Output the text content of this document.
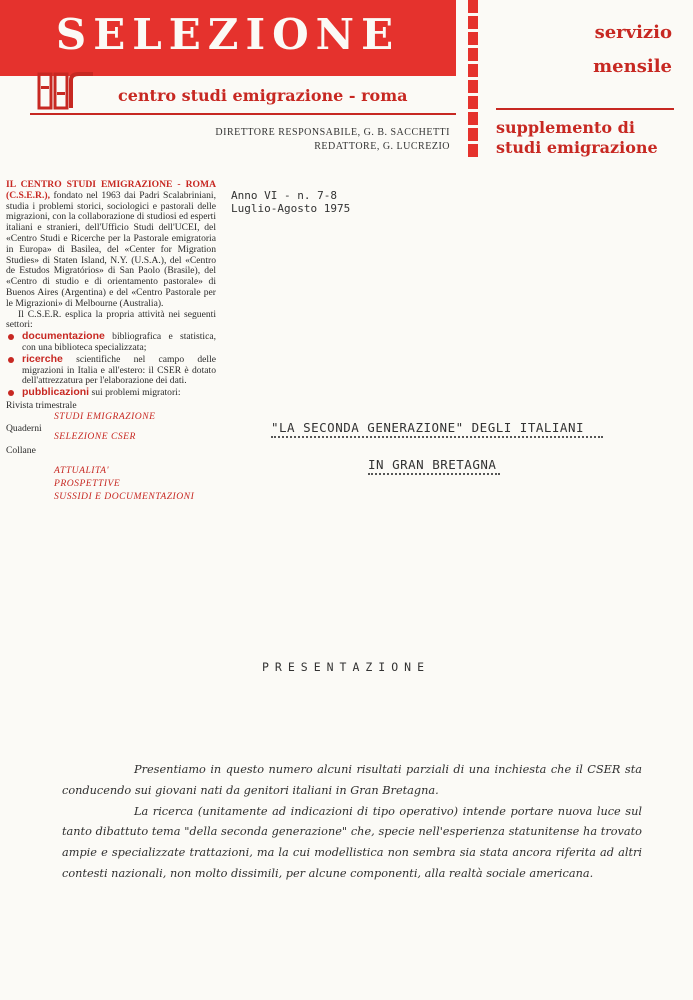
SELEZIONE
centro studi emigrazione - roma
DIRETTORE RESPONSABILE, G. B. SACCHETTI
REDATTORE, G. LUCREZIO
servizio
mensile
supplemento di
studi emigrazione

IL CENTRO STUDI EMIGRAZIONE - ROMA (C.S.E.R.), fondato nel 1963 dai Padri Scalabriniani, studia i problemi storici, sociologici e pastorali delle migrazioni, con la collaborazione di studiosi ed esperti italiani e stranieri, dell'Ufficio Studi dell'UCEI, del «Centro Studi e Ricerche per la Pastorale emigratoria in Europa» di Basilea, del «Center for Migration Studies» di Staten Island, N.Y. (U.S.A.), del «Centro de Estudos Migratórios» di San Paolo (Brasile), del «Centro di studio e di orientamento pastorale» di Buenos Aires (Argentina) e del «Centro Pastorale per le Migrazioni» di Melbourne (Australia).

Il C.S.E.R. esplica la propria attività nei seguenti settori:

documentazione bibliografica e statistica, con una biblioteca specializzata;

ricerche scientifiche nel campo delle migrazioni in Italia e all'estero: il CSER è dotato dell'attrezzatura per l'elaborazione dei dati.

pubblicazioni sui problemi migratori:

Rivista trimestrale

STUDI EMIGRAZIONE
Quaderni
SELEZIONE CSER
Collane
ATTUALITA'
PROSPETTIVE
SUSSIDI E DOCUMENTAZIONI
Anno VI - n. 7-8
Luglio-Agosto 1975
"LA SECONDA GENERAZIONE" DEGLI ITALIANI
IN GRAN BRETAGNA
PRESENTAZIONE

Presentiamo in questo numero alcuni risultati parziali di una inchiesta che il CSER sta conducendo sui giovani nati da genitori italiani in Gran Bretagna.

La ricerca (unitamente ad indicazioni di tipo operativo) intende portare nuova luce sul tanto dibattuto tema "della seconda generazione" che, specie nell'esperienza statunitense ha trovato ampie e specializzate trattazioni, ma la cui modellistica non sembra sia stata ancora riferita ad altri contesti nazionali, non molto dissimili, per alcune componenti, alla realtà sociale americana.
